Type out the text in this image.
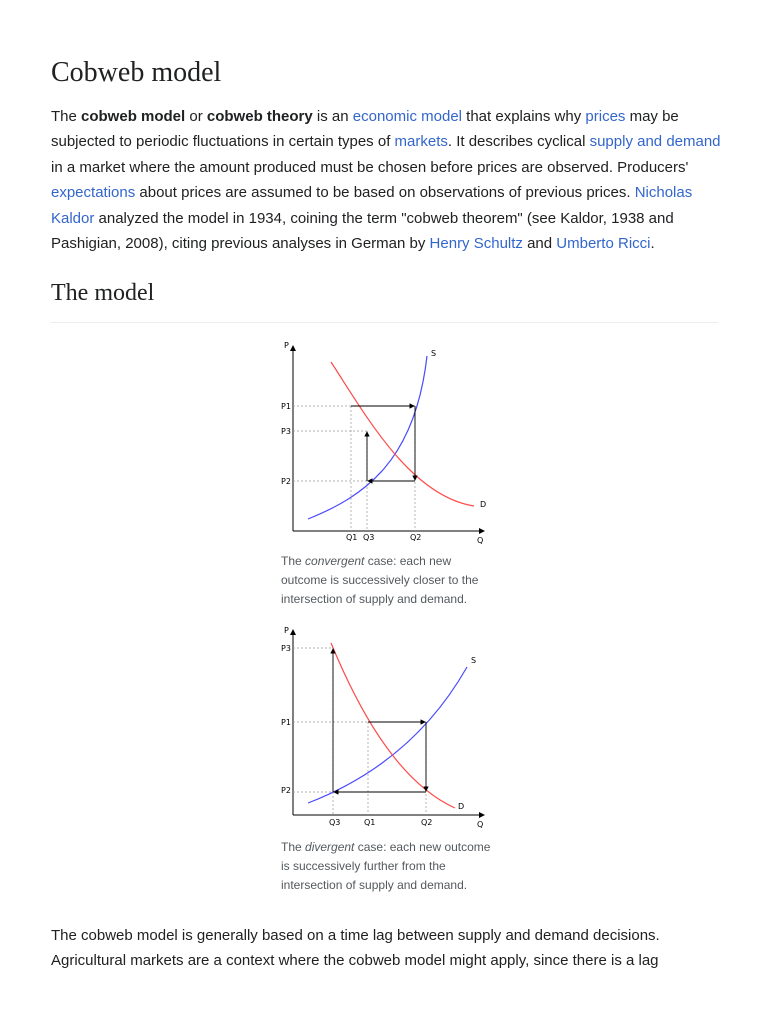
Cobweb model

The cobweb model or cobweb theory is an economic model that explains why prices may be subjected to periodic fluctuations in certain types of markets. It describes cyclical supply and demand in a market where the amount produced must be chosen before prices are observed. Producers' expectations about prices are assumed to be based on observations of previous prices. Nicholas Kaldor analyzed the model in 1934, coining the term "cobweb theorem" (see Kaldor, 1938 and Pashigian, 2008), citing previous analyses in German by Henry Schultz and Umberto Ricci.

The model
P
Q
S
D
P1
P3
P2
Q1 Q3	Q2

The convergent case: each new outcome is successively closer to the intersection of supply and demand.

P
Q
S
D
P3
P1
P2
Q3	Q1	Q2

The divergent case: each new outcome is successively further from the intersection of supply and demand.

The cobweb model is generally based on a time lag between supply and demand decisions. Agricultural markets are a context where the cobweb model might apply, since there is a lag
